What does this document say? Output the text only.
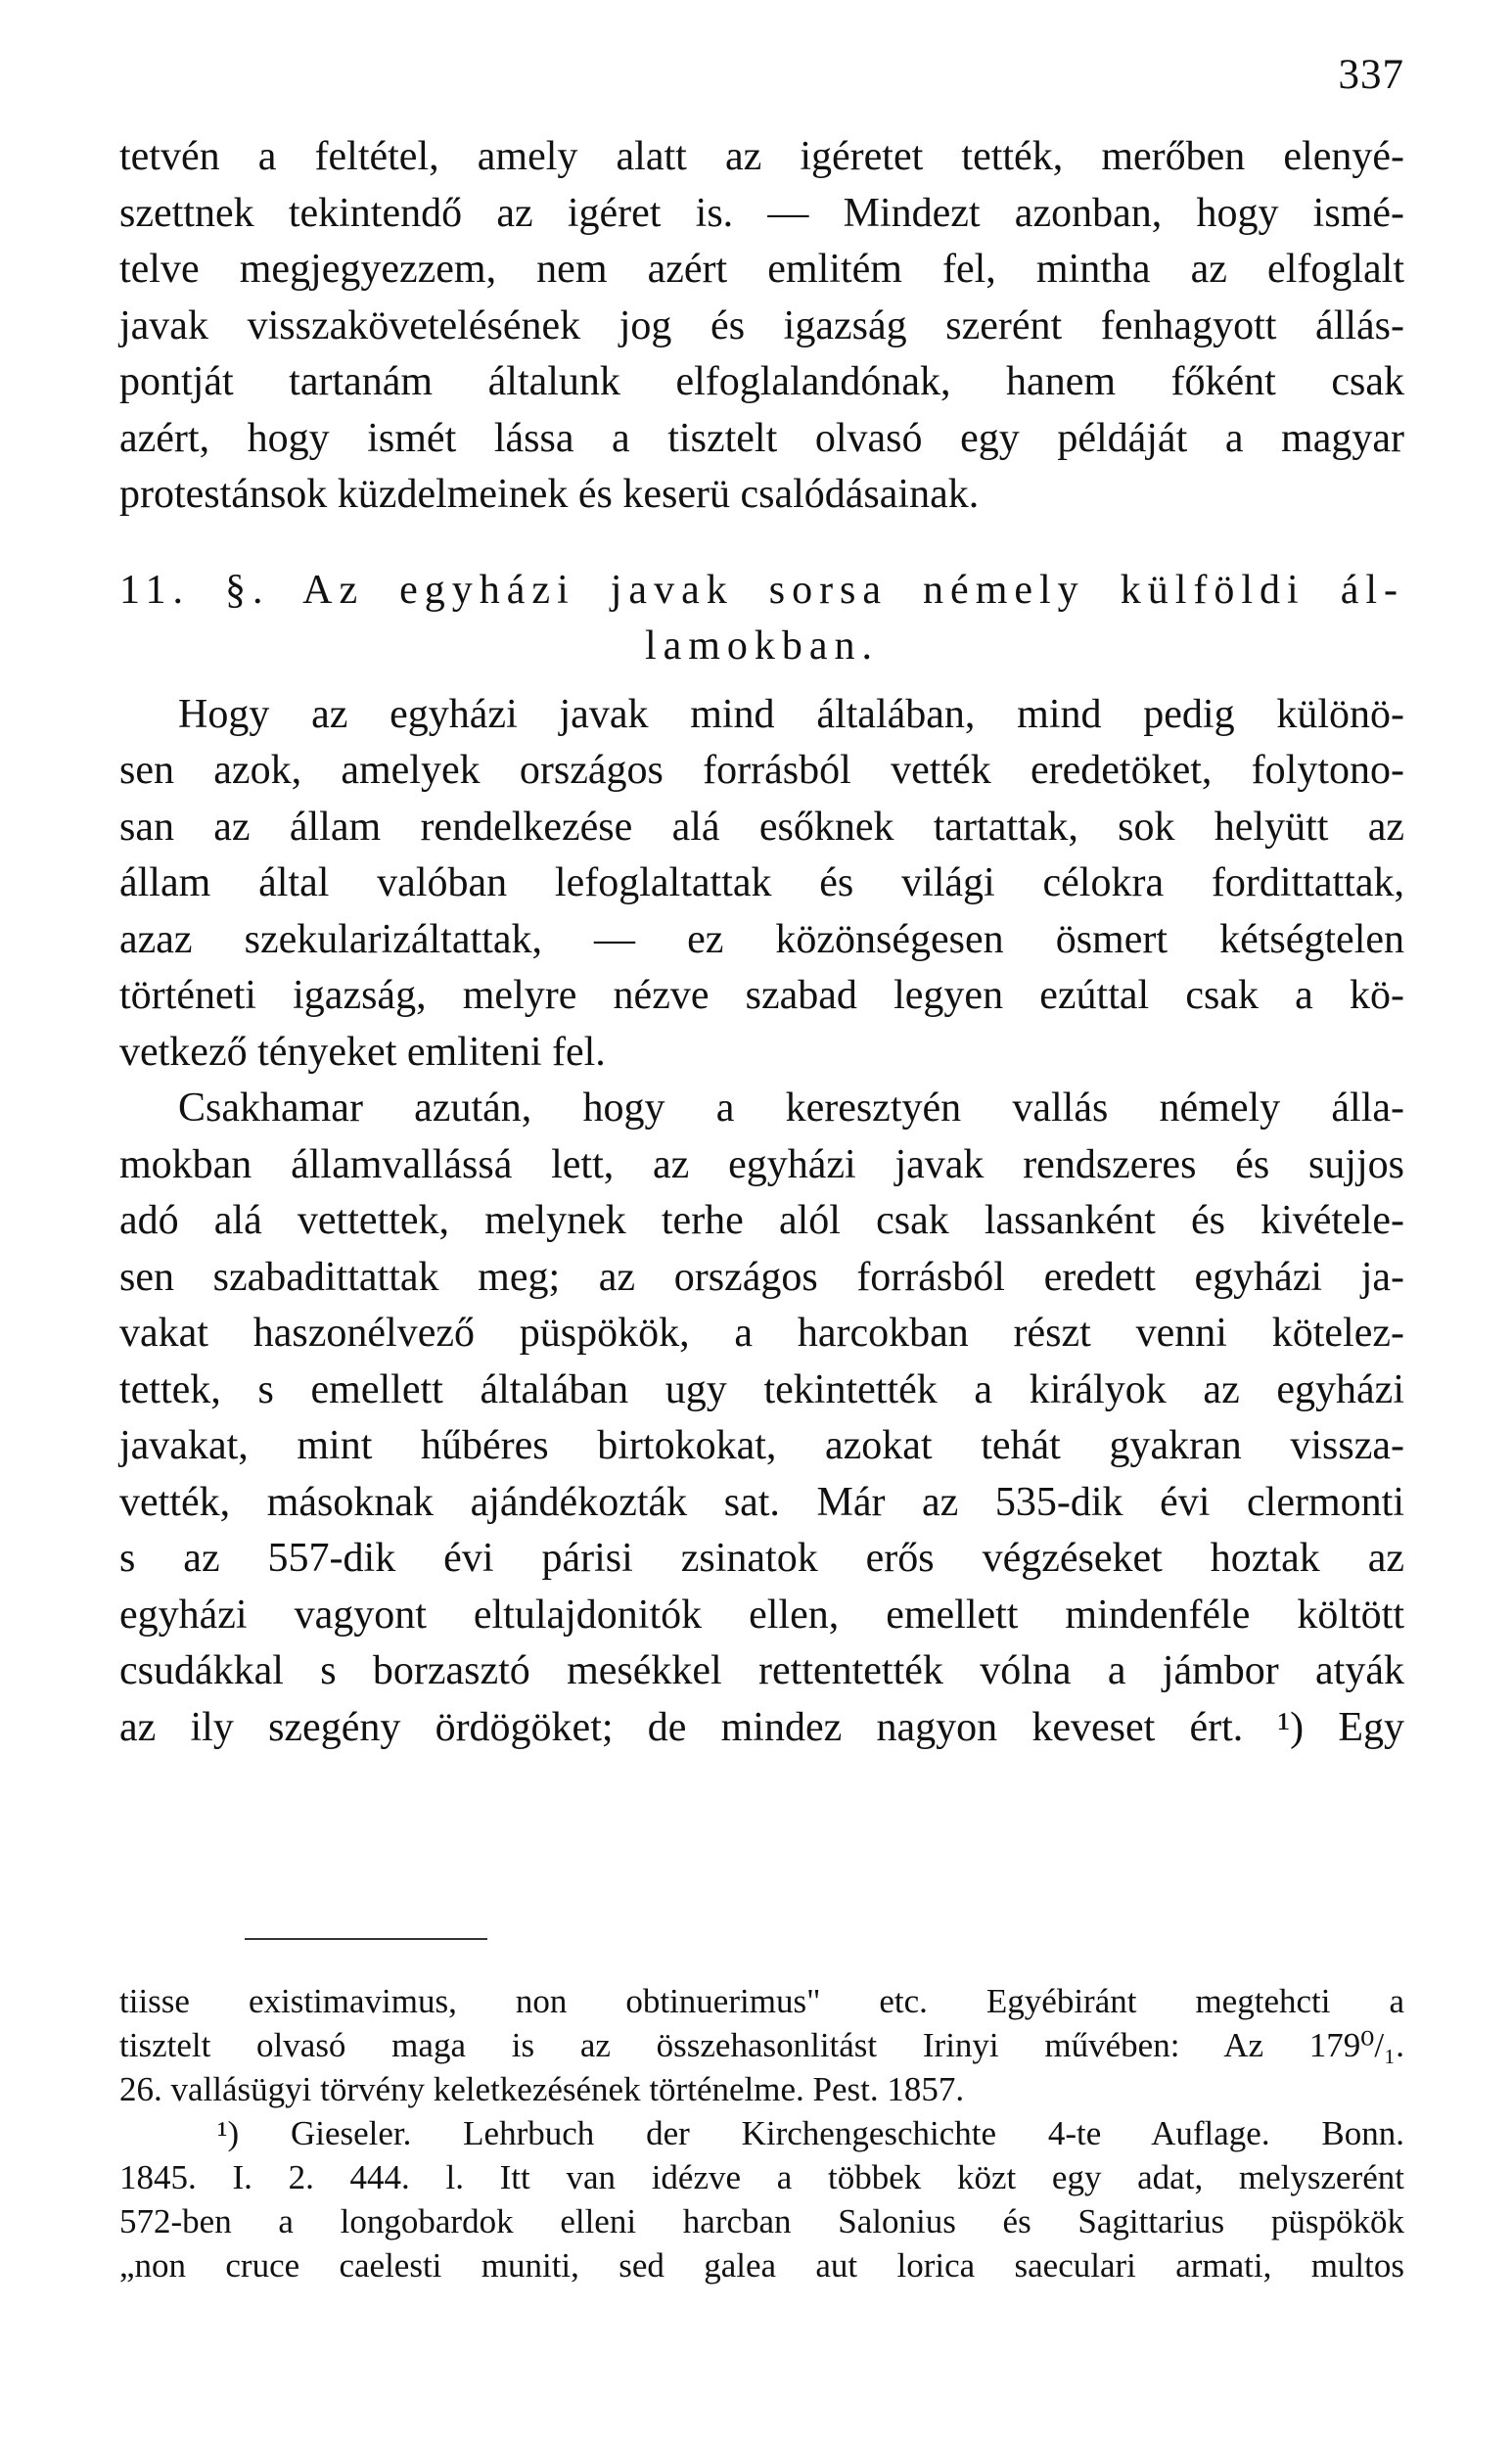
337
tetvén a feltétel, amely alatt az igéretet tették, merőben elenyé-
szettnek tekintendő az igéret is. — Mindezt azonban, hogy ismé-
telve megjegyezzem, nem azért emlitém fel, mintha az elfoglalt
javak visszakövetelésének jog és igazság szerént fenhagyott állás-
pontját tartanám általunk elfoglalandónak, hanem főként csak
azért, hogy ismét lássa a tisztelt olvasó egy példáját a magyar
protestánsok küzdelmeinek és keserü csalódásainak.
11. §. Az egyházi javak sorsa némely külföldi ál-
lamokban.
Hogy az egyházi javak mind általában, mind pedig különö-
sen azok, amelyek országos forrásból vették eredetöket, folytono-
san az állam rendelkezése alá esőknek tartattak, sok helyütt az
állam által valóban lefoglaltattak és világi célokra fordittattak,
azaz szekularizáltattak, — ez közönségesen ösmert kétségtelen
történeti igazság, melyre nézve szabad legyen ezúttal csak a kö-
vetkező tényeket emliteni fel.
Csakhamar azután, hogy a keresztyén vallás némely álla-
mokban államvallássá lett, az egyházi javak rendszeres és sujjos
adó alá vettettek, melynek terhe alól csak lassanként és kivétele-
sen szabadittattak meg; az országos forrásból eredett egyházi ja-
vakat haszonélvező püspökök, a harcokban részt venni kötelez-
tettek, s emellett általában ugy tekintették a királyok az egyházi
javakat, mint hűbéres birtokokat, azokat tehát gyakran vissza-
vették, másoknak ajándékozták sat. Már az 535-dik évi clermonti
s az 557-dik évi párisi zsinatok erős végzéseket hoztak az
egyházi vagyont eltulajdonitók ellen, emellett mindenféle költött
csudákkal s borzasztó mesékkel rettentették vólna a jámbor atyák
az ily szegény ördögöket; de mindez nagyon keveset ért. ¹) Egy
tiisse existimavimus, non obtinuerimus" etc. Egyébiránt megtehcti a
tisztelt olvasó maga is az összehasonlitást Irinyi művében: Az 179⁰/₁.
26. vallásügyi törvény keletkezésének történelme. Pest. 1857.
¹) Gieseler. Lehrbuch der Kirchengeschichte 4-te Auflage. Bonn.
1845. I. 2. 444. l. Itt van idézve a többek közt egy adat, melyszerént
572-ben a longobardok elleni harcban Salonius és Sagittarius püspökök
„non cruce caelesti muniti, sed galea aut lorica saeculari armati, multos
